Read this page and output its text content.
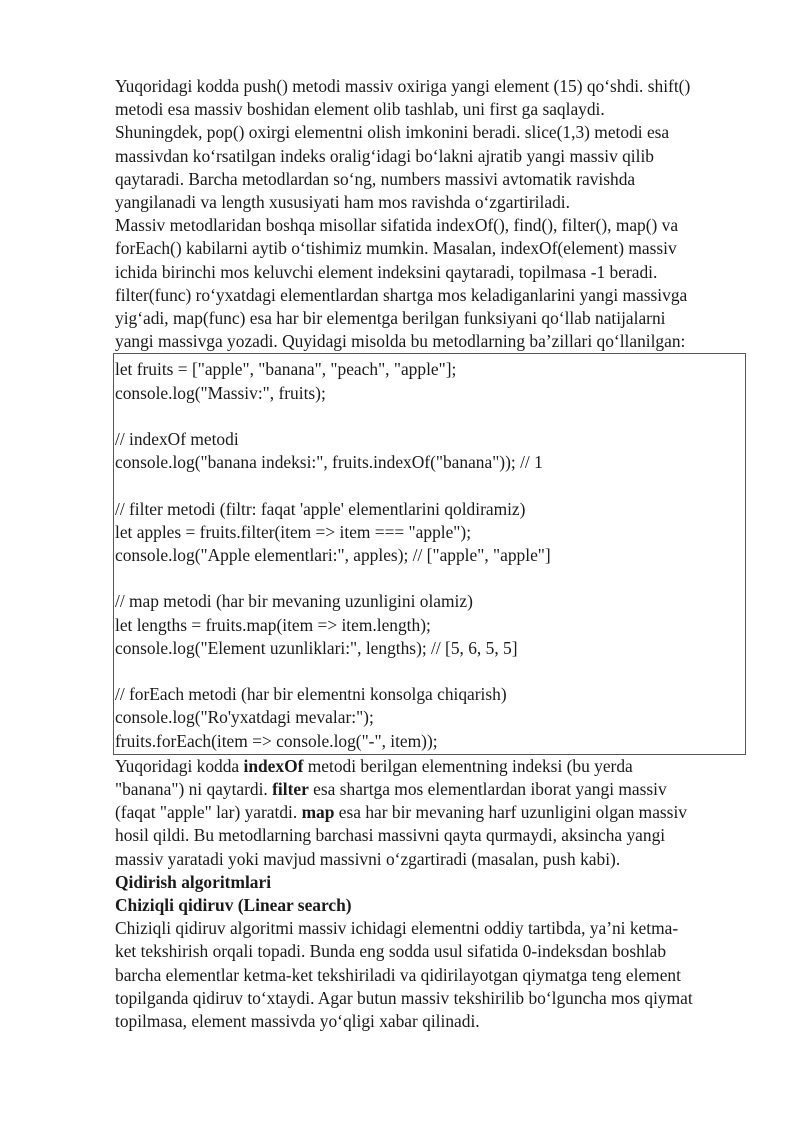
Yuqoridagi kodda push() metodi massiv oxiriga yangi element (15) qo‘shdi. shift()
metodi esa massiv boshidan element olib tashlab, uni first ga saqlaydi.
Shuningdek, pop() oxirgi elementni olish imkonini beradi. slice(1,3) metodi esa
massivdan ko‘rsatilgan indeks oralig‘idagi bo‘lakni ajratib yangi massiv qilib
qaytaradi. Barcha metodlardan so‘ng, numbers massivi avtomatik ravishda
yangilanadi va length xususiyati ham mos ravishda o‘zgartiriladi.
Massiv metodlaridan boshqa misollar sifatida indexOf(), find(), filter(), map() va
forEach() kabilarni aytib o‘tishimiz mumkin. Masalan, indexOf(element) massiv
ichida birinchi mos keluvchi element indeksini qaytaradi, topilmasa -1 beradi.
filter(func) ro‘yxatdagi elementlardan shartga mos keladiganlarini yangi massivga
yig‘adi, map(func) esa har bir elementga berilgan funksiyani qo‘llab natijalarni
yangi massivga yozadi. Quyidagi misolda bu metodlarning ba’zillari qo‘llanilgan:

let fruits = ["apple", "banana", "peach", "apple"];
console.log("Massiv:", fruits);
// indexOf metodi
console.log("banana indeksi:", fruits.indexOf("banana")); // 1
// filter metodi (filtr: faqat 'apple' elementlarini qoldiramiz)
let apples = fruits.filter(item => item === "apple");
console.log("Apple elementlari:", apples); // ["apple", "apple"]
// map metodi (har bir mevaning uzunligini olamiz)
let lengths = fruits.map(item => item.length);
console.log("Element uzunliklari:", lengths); // [5, 6, 5, 5]
// forEach metodi (har bir elementni konsolga chiqarish)
console.log("Ro'yxatdagi mevalar:");
fruits.forEach(item => console.log("-", item));

Yuqoridagi kodda indexOf metodi berilgan elementning indeksi (bu yerda
"banana") ni qaytardi. filter esa shartga mos elementlardan iborat yangi massiv
(faqat "apple" lar) yaratdi. map esa har bir mevaning harf uzunligini olgan massiv
hosil qildi. Bu metodlarning barchasi massivni qayta qurmaydi, aksincha yangi
massiv yaratadi yoki mavjud massivni o‘zgartiradi (masalan, push kabi).

Qidirish algoritmlari

Chiziqli qidiruv (Linear search)

Chiziqli qidiruv algoritmi massiv ichidagi elementni oddiy tartibda, ya’ni ketma-
ket tekshirish orqali topadi. Bunda eng sodda usul sifatida 0-indeksdan boshlab
barcha elementlar ketma-ket tekshiriladi va qidirilayotgan qiymatga teng element
topilganda qidiruv to‘xtaydi. Agar butun massiv tekshirilib bo‘lguncha mos qiymat
topilmasa, element massivda yo‘qligi xabar qilinadi.
